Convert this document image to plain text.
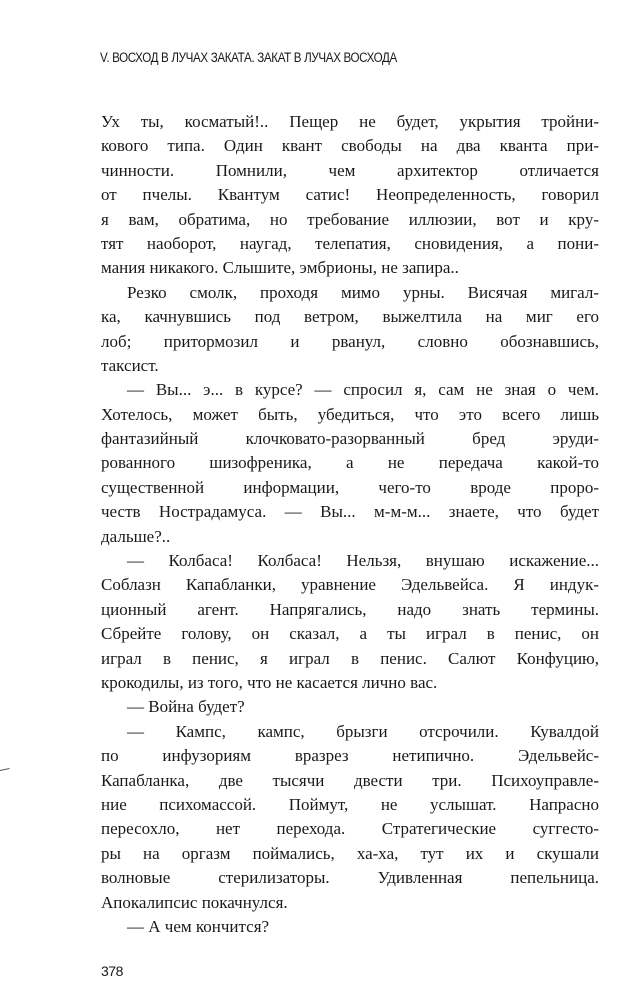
V. ВОСХОД В ЛУЧАХ ЗАКАТА. ЗАКАТ В ЛУЧАХ ВОСХОДА
Ух ты, косматый!.. Пещер не будет, укрытия тройни-
кового типа. Один квант свободы на два кванта при-
чинности. Помнили, чем архитектор отличается
от пчелы. Квантум сатис! Неопределенность, говорил
я вам, обратима, но требование иллюзии, вот и кру-
тят наоборот, наугад, телепатия, сновидения, а пони-
мания никакого. Слышите, эмбрионы, не запира..
Резко смолк, проходя мимо урны. Висячая мигал-
ка, качнувшись под ветром, выжелтила на миг его
лоб; притормозил и рванул, словно обознавшись,
таксист.
— Вы... э... в курсе? — спросил я, сам не зная о чем.
Хотелось, может быть, убедиться, что это всего лишь
фантазийный клочковато-разорванный бред эруди-
рованного шизофреника, а не передача какой-то
существенной информации, чего-то вроде проро-
честв Нострадамуса. — Вы... м-м-м... знаете, что будет
дальше?..
— Колбаса! Колбаса! Нельзя, внушаю искажение...
Соблазн Капабланки, уравнение Эдельвейса. Я индук-
ционный агент. Напрягались, надо знать термины.
Сбрейте голову, он сказал, а ты играл в пенис, он
играл в пенис, я играл в пенис. Салют Конфуцию,
крокодилы, из того, что не касается лично вас.
— Война будет?
— Кампс, кампс, брызги отсрочили. Кувалдой
по инфузориям вразрез нетипично. Эдельвейс-
Капабланка, две тысячи двести три. Психоуправле-
ние психомассой. Поймут, не услышат. Напрасно
пересохло, нет перехода. Стратегические суггесто-
ры на оргазм поймались, ха-ха, тут их и скушали
волновые стерилизаторы. Удивленная пепельница.
Апокалипсис покачнулся.
— А чем кончится?
378
